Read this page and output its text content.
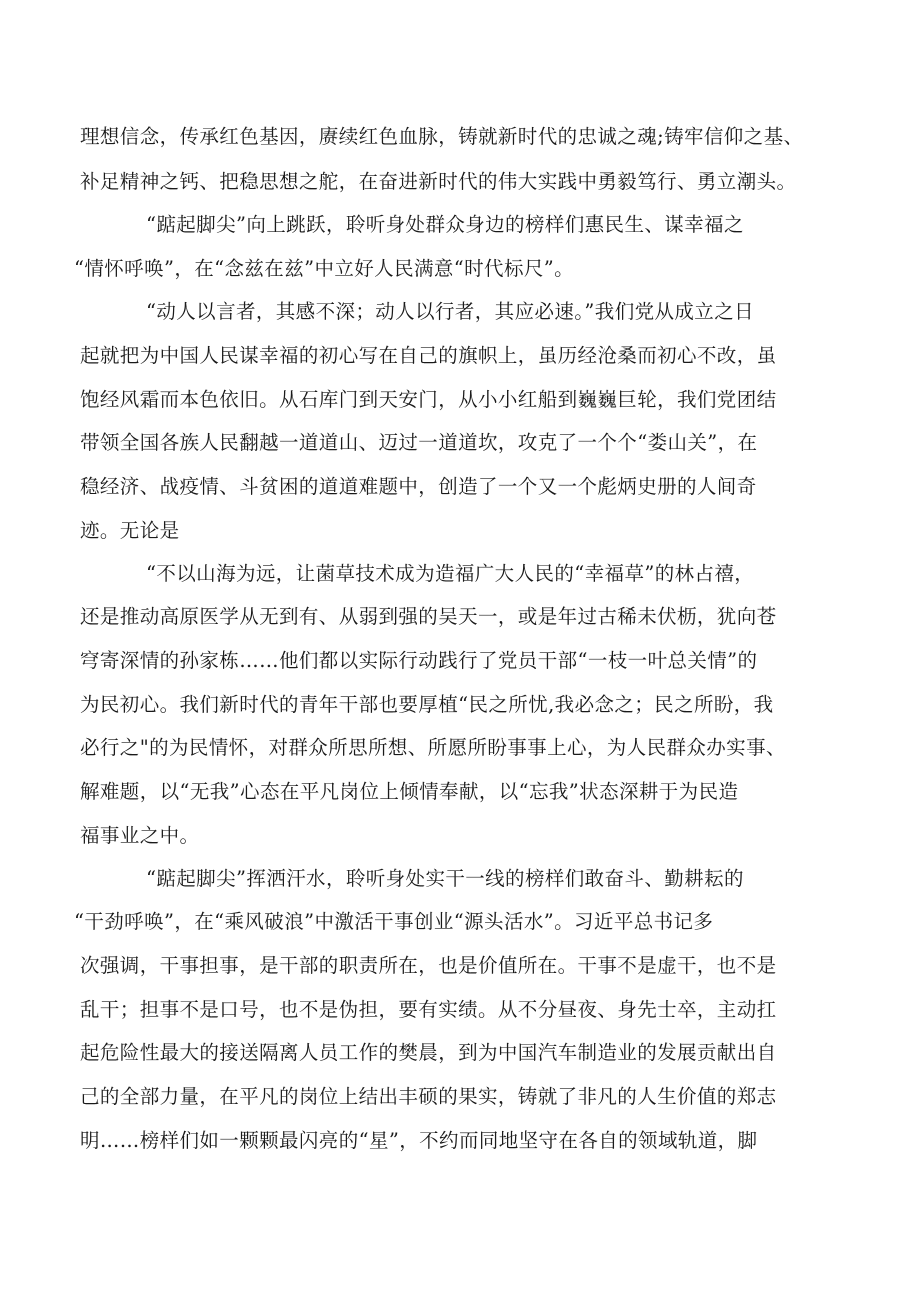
理想信念，传承红色基因，赓续红色血脉，铸就新时代的忠诚之魂;铸牢信仰之基、
补足精神之钙、把稳思想之舵，在奋进新时代的伟大实践中勇毅笃行、勇立潮头。
“踮起脚尖”向上跳跃，聆听身处群众身边的榜样们惠民生、谋幸福之
“情怀呼唤”，在“念兹在兹”中立好人民满意“时代标尺”。
“动人以言者，其感不深；动人以行者，其应必速。”我们党从成立之日
起就把为中国人民谋幸福的初心写在自己的旗帜上，虽历经沧桑而初心不改，虽
饱经风霜而本色依旧。从石库门到天安门，从小小红船到巍巍巨轮，我们党团结
带领全国各族人民翻越一道道山、迈过一道道坎，攻克了一个个“娄山关”，在
稳经济、战疫情、斗贫困的道道难题中，创造了一个又一个彪炳史册的人间奇
迹。无论是
“不以山海为远，让菌草技术成为造福广大人民的“幸福草”的林占禧，
还是推动高原医学从无到有、从弱到强的吴天一，或是年过古稀未伏枥，犹向苍
穹寄深情的孙家栋……他们都以实际行动践行了党员干部“一枝一叶总关情”的
为民初心。我们新时代的青年干部也要厚植“民之所忧,我必念之；民之所盼，我
必行之"的为民情怀，对群众所思所想、所愿所盼事事上心，为人民群众办实事、
解难题，以“无我”心态在平凡岗位上倾情奉献，以“忘我”状态深耕于为民造
福事业之中。
“踮起脚尖”挥洒汗水，聆听身处实干一线的榜样们敢奋斗、勤耕耘的
“干劲呼唤”，在“乘风破浪”中激活干事创业“源头活水”。习近平总书记多
次强调，干事担事，是干部的职责所在，也是价值所在。干事不是虚干，也不是
乱干；担事不是口号，也不是伪担，要有实绩。从不分昼夜、身先士卒，主动扛
起危险性最大的接送隔离人员工作的樊晨，到为中国汽车制造业的发展贡献出自
己的全部力量，在平凡的岗位上结出丰硕的果实，铸就了非凡的人生价值的郑志
明……榜样们如一颗颗最闪亮的“星”，不约而同地坚守在各自的领域轨道，脚
